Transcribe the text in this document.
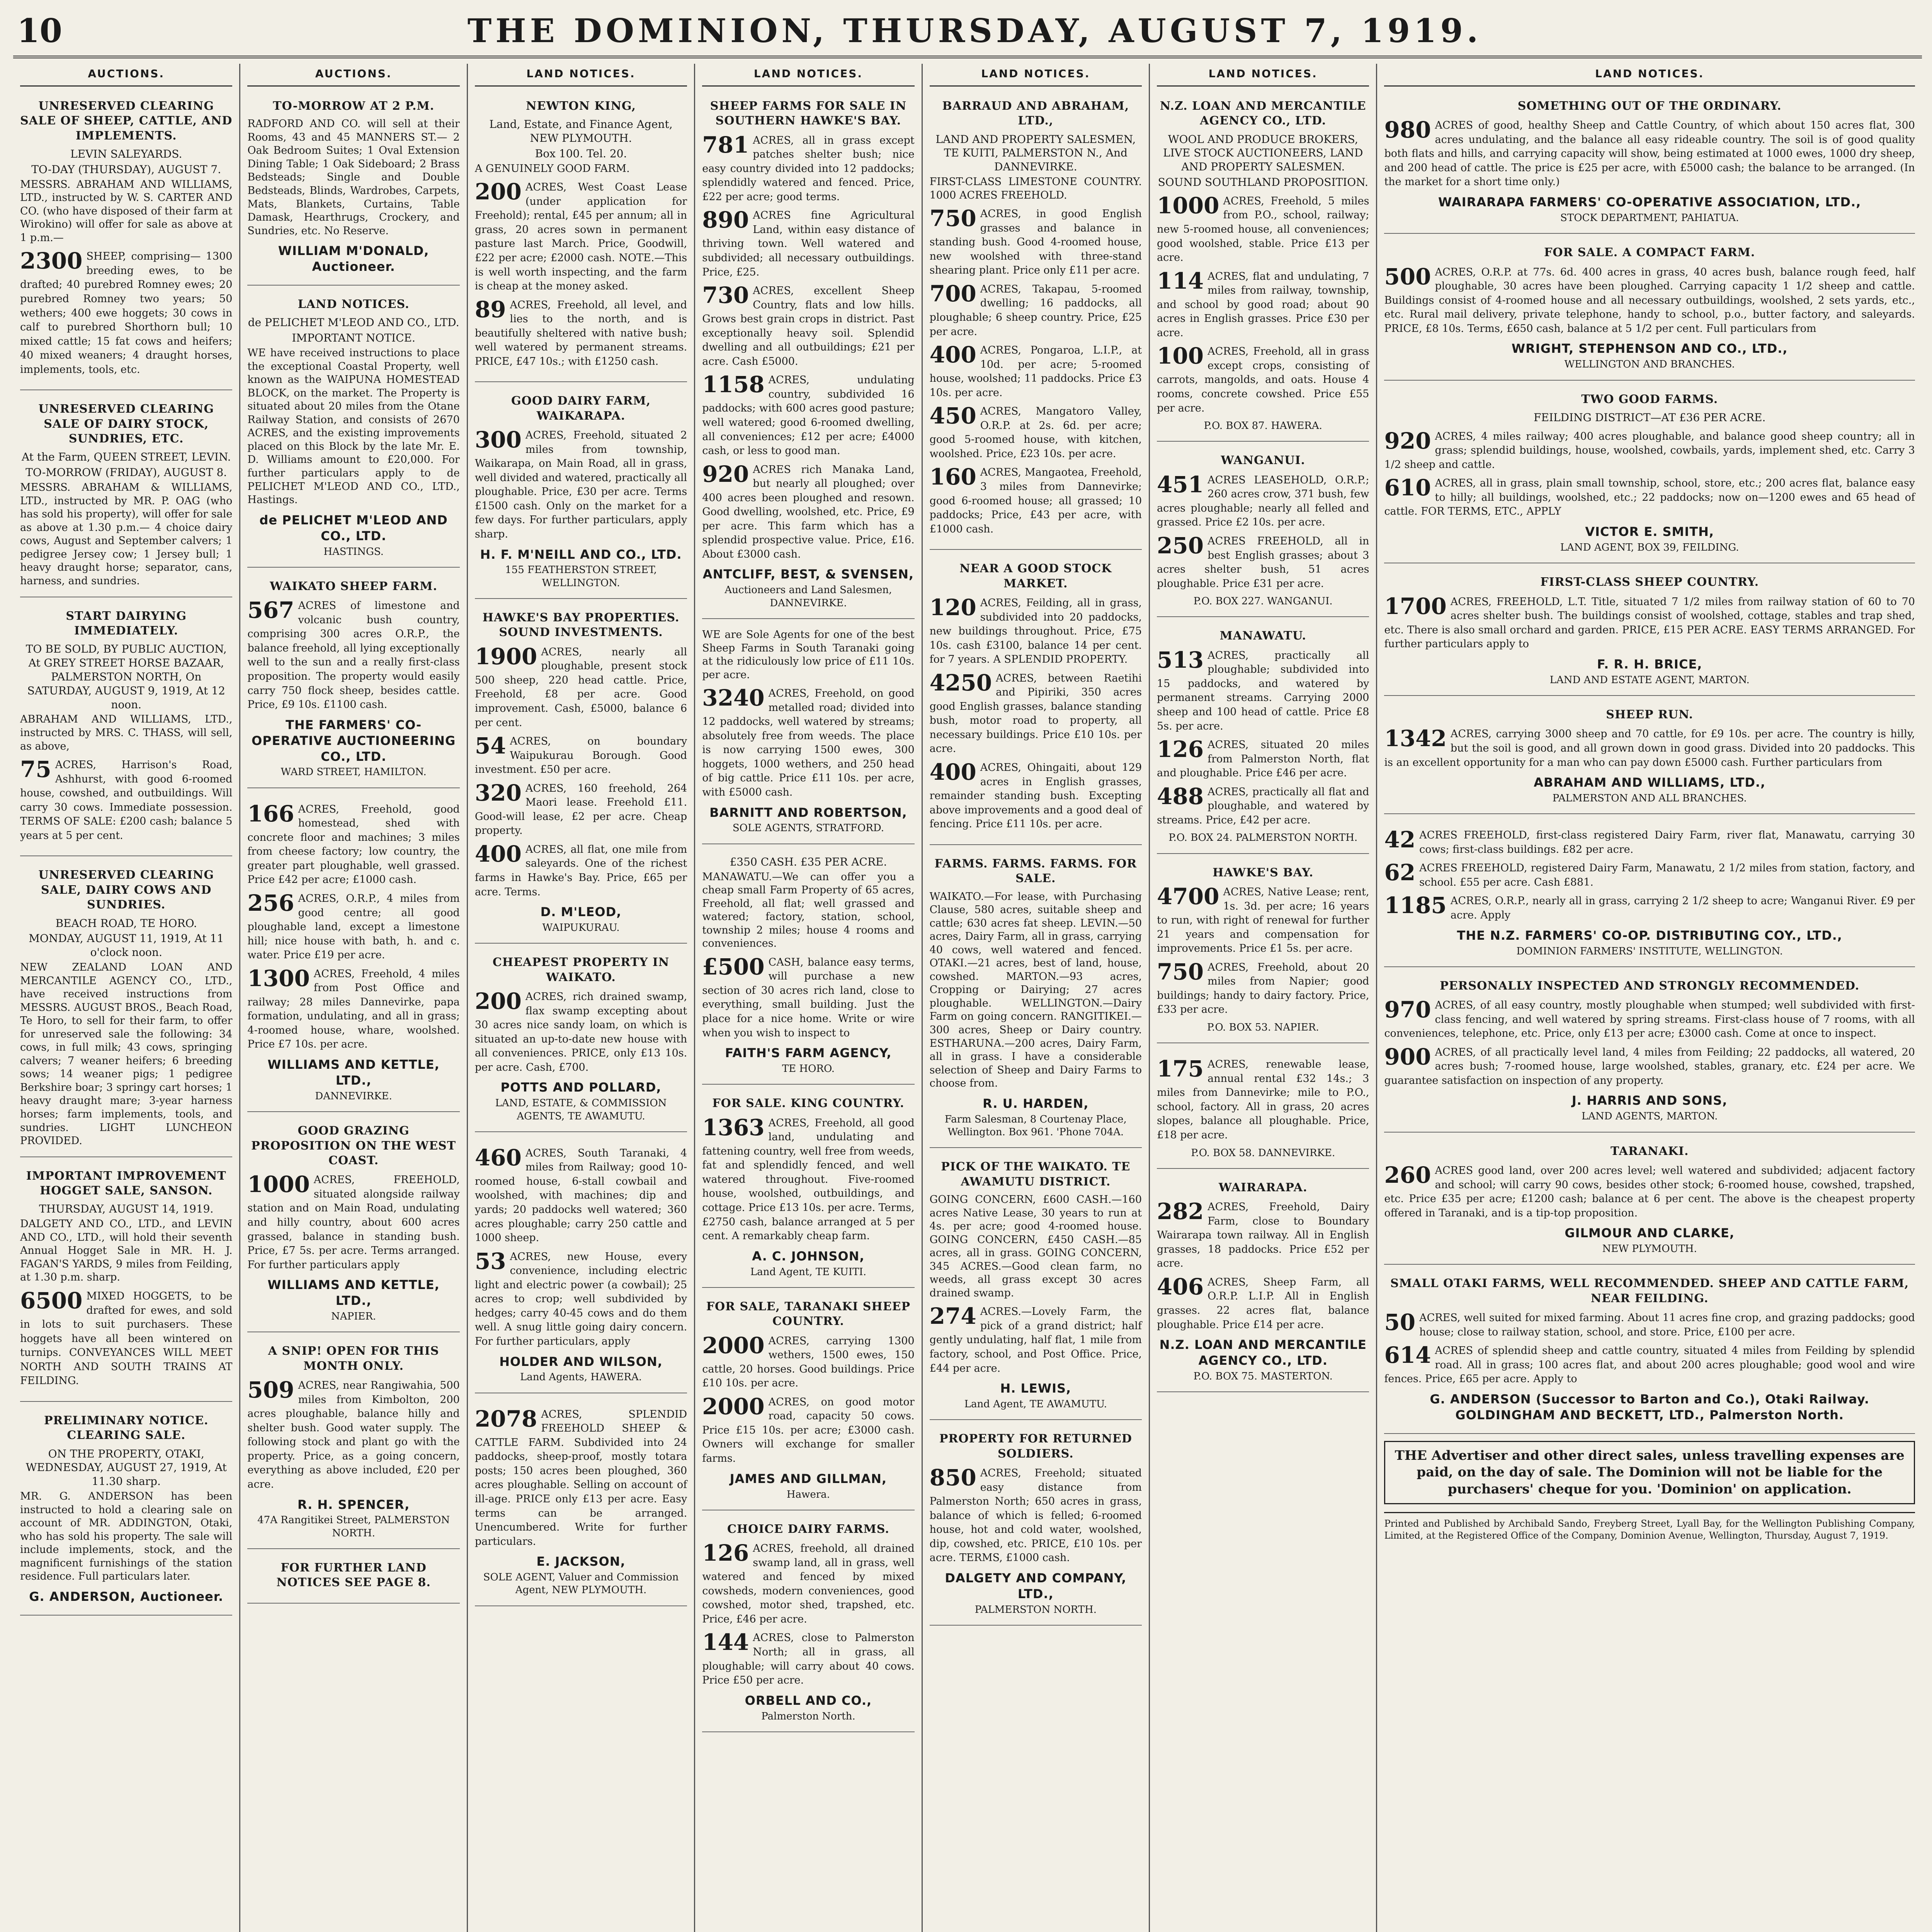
10	THE DOMINION, THURSDAY, AUGUST 7, 1919.
AUCTIONS.
UNRESERVED CLEARING SALE OF SHEEP, CATTLE, AND IMPLEMENTS.
LEVIN SALEYARDS.
TO-DAY (THURSDAY), AUGUST 7.
MESSRS. ABRAHAM AND WILLIAMS, LTD., instructed by W. S. CARTER AND CO. (who have disposed of their farm at Wirokino) will offer for sale as above at 1 p.m.—
2300 SHEEP, comprising— 1300 breeding ewes, to be drafted; 40 purebred Romney ewes; 20 purebred Romney two years; 50 wethers; 400 ewe hoggets; 30 cows in calf to purebred Shorthorn bull; 10 mixed cattle; 15 fat cows and heifers; 40 mixed weaners; 4 draught horses, implements, tools, etc.
UNRESERVED CLEARING SALE OF DAIRY STOCK, SUNDRIES, ETC.
At the Farm, QUEEN STREET, LEVIN.
TO-MORROW (FRIDAY), AUGUST 8.
MESSRS. ABRAHAM & WILLIAMS, LTD., instructed by MR. P. OAG (who has sold his property), will offer for sale as above at 1.30 p.m.— 4 choice dairy cows, August and September calvers; 1 pedigree Jersey cow; 1 Jersey bull; 1 heavy draught horse; separator, cans, harness, and sundries.
START DAIRYING IMMEDIATELY.
TO BE SOLD, BY PUBLIC AUCTION, At GREY STREET HORSE BAZAAR, PALMERSTON NORTH, On SATURDAY, AUGUST 9, 1919, At 12 noon.
ABRAHAM AND WILLIAMS, LTD., instructed by MRS. C. THASS, will sell, as above,
75 ACRES, Harrison's Road, Ashhurst, with good 6-roomed house, cowshed, and outbuildings. Will carry 30 cows. Immediate possession. TERMS OF SALE: £200 cash; balance 5 years at 5 per cent.
UNRESERVED CLEARING SALE, DAIRY COWS AND SUNDRIES.
BEACH ROAD, TE HORO.
MONDAY, AUGUST 11, 1919, At 11 o'clock noon.
NEW ZEALAND LOAN AND MERCANTILE AGENCY CO., LTD., have received instructions from MESSRS. AUGUST BROS., Beach Road, Te Horo, to sell for their farm, to offer for unreserved sale the following: 34 cows, in full milk; 43 cows, springing calvers; 7 weaner heifers; 6 breeding sows; 14 weaner pigs; 1 pedigree Berkshire boar; 3 springy cart horses; 1 heavy draught mare; 3-year harness horses; farm implements, tools, and sundries. LIGHT LUNCHEON PROVIDED.
IMPORTANT IMPROVEMENT HOGGET SALE, SANSON.
THURSDAY, AUGUST 14, 1919.
DALGETY AND CO., LTD., and LEVIN AND CO., LTD., will hold their seventh Annual Hogget Sale in MR. H. J. FAGAN'S YARDS, 9 miles from Feilding, at 1.30 p.m. sharp.
6500 MIXED HOGGETS, to be drafted for ewes, and sold in lots to suit purchasers. These hoggets have all been wintered on turnips. CONVEYANCES WILL MEET NORTH AND SOUTH TRAINS AT FEILDING.
PRELIMINARY NOTICE. CLEARING SALE.
ON THE PROPERTY, OTAKI, WEDNESDAY, AUGUST 27, 1919, At 11.30 sharp.
MR. G. ANDERSON has been instructed to hold a clearing sale on account of MR. ADDINGTON, Otaki, who has sold his property. The sale will include implements, stock, and the magnificent furnishings of the station residence. Full particulars later.
G. ANDERSON, Auctioneer.
AUCTIONS.
TO-MORROW AT 2 P.M.
RADFORD AND CO. will sell at their Rooms, 43 and 45 MANNERS ST.— 2 Oak Bedroom Suites; 1 Oval Extension Dining Table; 1 Oak Sideboard; 2 Brass Bedsteads; Single and Double Bedsteads, Blinds, Wardrobes, Carpets, Mats, Blankets, Curtains, Table Damask, Hearthrugs, Crockery, and Sundries, etc. No Reserve.
WILLIAM M'DONALD, Auctioneer.
LAND NOTICES.
de PELICHET M'LEOD AND CO., LTD.
IMPORTANT NOTICE.
WE have received instructions to place the exceptional Coastal Property, well known as the WAIPUNA HOMESTEAD BLOCK, on the market. The Property is situated about 20 miles from the Otane Railway Station, and consists of 2670 ACRES, and the existing improvements placed on this Block by the late Mr. E. D. Williams amount to £20,000. For further particulars apply to de PELICHET M'LEOD AND CO., LTD., Hastings.
de PELICHET M'LEOD AND CO., LTD.
HASTINGS.
WAIKATO SHEEP FARM.
567 ACRES of limestone and volcanic bush country, comprising 300 acres O.R.P., the balance freehold, all lying exceptionally well to the sun and a really first-class proposition. The property would easily carry 750 flock sheep, besides cattle. Price, £9 10s. £1100 cash.
THE FARMERS' CO-OPERATIVE AUCTIONEERING CO., LTD.
WARD STREET, HAMILTON.
166 ACRES, Freehold, good homestead, shed with concrete floor and machines; 3 miles from cheese factory; low country, the greater part ploughable, well grassed. Price £42 per acre; £1000 cash.
256 ACRES, O.R.P., 4 miles from good centre; all good ploughable land, except a limestone hill; nice house with bath, h. and c. water. Price £19 per acre.
1300 ACRES, Freehold, 4 miles from Post Office and railway; 28 miles Dannevirke, papa formation, undulating, and all in grass; 4-roomed house, whare, woolshed. Price £7 10s. per acre.
WILLIAMS AND KETTLE, LTD.,
DANNEVIRKE.
GOOD GRAZING PROPOSITION ON THE WEST COAST.
1000 ACRES, FREEHOLD, situated alongside railway station and on Main Road, undulating and hilly country, about 600 acres grassed, balance in standing bush. Price, £7 5s. per acre. Terms arranged. For further particulars apply
WILLIAMS AND KETTLE, LTD.,
NAPIER.
A SNIP! OPEN FOR THIS MONTH ONLY.
509 ACRES, near Rangiwahia, 500 miles from Kimbolton, 200 acres ploughable, balance hilly and shelter bush. Good water supply. The following stock and plant go with the property. Price, as a going concern, everything as above included, £20 per acre.
R. H. SPENCER,
47A Rangitikei Street, PALMERSTON NORTH.
FOR FURTHER LAND NOTICES SEE PAGE 8.
LAND NOTICES.
NEWTON KING,
Land, Estate, and Finance Agent, NEW PLYMOUTH.
Box 100. Tel. 20.
A GENUINELY GOOD FARM.
200 ACRES, West Coast Lease (under application for Freehold); rental, £45 per annum; all in grass, 20 acres sown in permanent pasture last March. Price, Goodwill, £22 per acre; £2000 cash. NOTE.—This is well worth inspecting, and the farm is cheap at the money asked.
89 ACRES, Freehold, all level, and lies to the north, and is beautifully sheltered with native bush; well watered by permanent streams. PRICE, £47 10s.; with £1250 cash.
GOOD DAIRY FARM, WAIKARAPA.
300 ACRES, Freehold, situated 2 miles from township, Waikarapa, on Main Road, all in grass, well divided and watered, practically all ploughable. Price, £30 per acre. Terms £1500 cash. Only on the market for a few days. For further particulars, apply sharp.
H. F. M'NEILL AND CO., LTD.
155 FEATHERSTON STREET, WELLINGTON.
HAWKE'S BAY PROPERTIES. SOUND INVESTMENTS.
1900 ACRES, nearly all ploughable, present stock 500 sheep, 220 head cattle. Price, Freehold, £8 per acre. Good improvement. Cash, £5000, balance 6 per cent.
54 ACRES, on boundary Waipukurau Borough. Good investment. £50 per acre.
320 ACRES, 160 freehold, 264 Maori lease. Freehold £11. Good-will lease, £2 per acre. Cheap property.
400 ACRES, all flat, one mile from saleyards. One of the richest farms in Hawke's Bay. Price, £65 per acre. Terms.
D. M'LEOD,
WAIPUKURAU.
CHEAPEST PROPERTY IN WAIKATO.
200 ACRES, rich drained swamp, flax swamp excepting about 30 acres nice sandy loam, on which is situated an up-to-date new house with all conveniences. PRICE, only £13 10s. per acre. Cash, £700.
POTTS AND POLLARD,
LAND, ESTATE, & COMMISSION AGENTS, TE AWAMUTU.
460 ACRES, South Taranaki, 4 miles from Railway; good 10-roomed house, 6-stall cowbail and woolshed, with machines; dip and yards; 20 paddocks well watered; 360 acres ploughable; carry 250 cattle and 1000 sheep.
53 ACRES, new House, every convenience, including electric light and electric power (a cowbail); 25 acres to crop; well subdivided by hedges; carry 40-45 cows and do them well. A snug little going dairy concern. For further particulars, apply
HOLDER AND WILSON,
Land Agents, HAWERA.
2078 ACRES, SPLENDID FREEHOLD SHEEP & CATTLE FARM. Subdivided into 24 paddocks, sheep-proof, mostly totara posts; 150 acres been ploughed, 360 acres ploughable. Selling on account of ill-age. PRICE only £13 per acre. Easy terms can be arranged. Unencumbered. Write for further particulars.
E. JACKSON,
SOLE AGENT, Valuer and Commission Agent, NEW PLYMOUTH.
LAND NOTICES.
SHEEP FARMS FOR SALE IN SOUTHERN HAWKE'S BAY.
781 ACRES, all in grass except patches shelter bush; nice easy country divided into 12 paddocks; splendidly watered and fenced. Price, £22 per acre; good terms.
890 ACRES fine Agricultural Land, within easy distance of thriving town. Well watered and subdivided; all necessary outbuildings. Price, £25.
730 ACRES, excellent Sheep Country, flats and low hills. Grows best grain crops in district. Past exceptionally heavy soil. Splendid dwelling and all outbuildings; £21 per acre. Cash £5000.
1158 ACRES, undulating country, subdivided 16 paddocks; with 600 acres good pasture; well watered; good 6-roomed dwelling, all conveniences; £12 per acre; £4000 cash, or less to good man.
920 ACRES rich Manaka Land, but nearly all ploughed; over 400 acres been ploughed and resown. Good dwelling, woolshed, etc. Price, £9 per acre. This farm which has a splendid prospective value. Price, £16. About £3000 cash.
ANTCLIFF, BEST, & SVENSEN,
Auctioneers and Land Salesmen, DANNEVIRKE.
WE are Sole Agents for one of the best Sheep Farms in South Taranaki going at the ridiculously low price of £11 10s. per acre.
3240 ACRES, Freehold, on good metalled road; divided into 12 paddocks, well watered by streams; absolutely free from weeds. The place is now carrying 1500 ewes, 300 hoggets, 1000 wethers, and 250 head of big cattle. Price £11 10s. per acre, with £5000 cash.
BARNITT AND ROBERTSON,
SOLE AGENTS, STRATFORD.
£350 CASH. £35 PER ACRE.
MANAWATU.—We can offer you a cheap small Farm Property of 65 acres, Freehold, all flat; well grassed and watered; factory, station, school, township 2 miles; house 4 rooms and conveniences.
£500 CASH, balance easy terms, will purchase a new section of 30 acres rich land, close to everything, small building. Just the place for a nice home. Write or wire when you wish to inspect to
FAITH'S FARM AGENCY,
TE HORO.
FOR SALE. KING COUNTRY.
1363 ACRES, Freehold, all good land, undulating and fattening country, well free from weeds, fat and splendidly fenced, and well watered throughout. Five-roomed house, woolshed, outbuildings, and cottage. Price £13 10s. per acre. Terms, £2750 cash, balance arranged at 5 per cent. A remarkably cheap farm.
A. C. JOHNSON,
Land Agent, TE KUITI.
FOR SALE, TARANAKI SHEEP COUNTRY.
2000 ACRES, carrying 1300 wethers, 1500 ewes, 150 cattle, 20 horses. Good buildings. Price £10 10s. per acre.
2000 ACRES, on good motor road, capacity 50 cows. Price £15 10s. per acre; £3000 cash. Owners will exchange for smaller farms.
JAMES AND GILLMAN,
Hawera.
CHOICE DAIRY FARMS.
126 ACRES, freehold, all drained swamp land, all in grass, well watered and fenced by mixed cowsheds, modern conveniences, good cowshed, motor shed, trapshed, etc. Price, £46 per acre.
144 ACRES, close to Palmerston North; all in grass, all ploughable; will carry about 40 cows. Price £50 per acre.
ORBELL AND CO.,
Palmerston North.
LAND NOTICES.
BARRAUD AND ABRAHAM, LTD.,
LAND AND PROPERTY SALESMEN, TE KUITI, PALMERSTON N., And DANNEVIRKE.
FIRST-CLASS LIMESTONE COUNTRY. 1000 ACRES FREEHOLD.
750 ACRES, in good English grasses and balance in standing bush. Good 4-roomed house, new woolshed with three-stand shearing plant. Price only £11 per acre.
700 ACRES, Takapau, 5-roomed dwelling; 16 paddocks, all ploughable; 6 sheep country. Price, £25 per acre.
400 ACRES, Pongaroa, L.I.P., at 10d. per acre; 5-roomed house, woolshed; 11 paddocks. Price £3 10s. per acre.
450 ACRES, Mangatoro Valley, O.R.P. at 2s. 6d. per acre; good 5-roomed house, with kitchen, woolshed. Price, £23 10s. per acre.
160 ACRES, Mangaotea, Freehold, 3 miles from Dannevirke; good 6-roomed house; all grassed; 10 paddocks; Price, £43 per acre, with £1000 cash.
NEAR A GOOD STOCK MARKET.
120 ACRES, Feilding, all in grass, subdivided into 20 paddocks, new buildings throughout. Price, £75 10s. cash £3100, balance 14 per cent. for 7 years. A SPLENDID PROPERTY.
4250 ACRES, between Raetihi and Pipiriki, 350 acres good English grasses, balance standing bush, motor road to property, all necessary buildings. Price £10 10s. per acre.
400 ACRES, Ohingaiti, about 129 acres in English grasses, remainder standing bush. Excepting above improvements and a good deal of fencing. Price £11 10s. per acre.
FARMS. FARMS. FARMS. FOR SALE.
WAIKATO.—For lease, with Purchasing Clause, 580 acres, suitable sheep and cattle; 630 acres fat sheep. LEVIN.—50 acres, Dairy Farm, all in grass, carrying 40 cows, well watered and fenced. OTAKI.—21 acres, best of land, house, cowshed. MARTON.—93 acres, Cropping or Dairying; 27 acres ploughable. WELLINGTON.—Dairy Farm on going concern. RANGITIKEI.—300 acres, Sheep or Dairy country. ESTHARUNA.—200 acres, Dairy Farm, all in grass. I have a considerable selection of Sheep and Dairy Farms to choose from.
R. U. HARDEN,
Farm Salesman, 8 Courtenay Place, Wellington. Box 961. 'Phone 704A.
PICK OF THE WAIKATO. TE AWAMUTU DISTRICT.
GOING CONCERN, £600 CASH.—160 acres Native Lease, 30 years to run at 4s. per acre; good 4-roomed house. GOING CONCERN, £450 CASH.—85 acres, all in grass. GOING CONCERN, 345 ACRES.—Good clean farm, no weeds, all grass except 30 acres drained swamp.
274 ACRES.—Lovely Farm, the pick of a grand district; half gently undulating, half flat, 1 mile from factory, school, and Post Office. Price, £44 per acre.
H. LEWIS,
Land Agent, TE AWAMUTU.
PROPERTY FOR RETURNED SOLDIERS.
850 ACRES, Freehold; situated easy distance from Palmerston North; 650 acres in grass, balance of which is felled; 6-roomed house, hot and cold water, woolshed, dip, cowshed, etc. PRICE, £10 10s. per acre. TERMS, £1000 cash.
DALGETY AND COMPANY, LTD.,
PALMERSTON NORTH.
LAND NOTICES.
N.Z. LOAN AND MERCANTILE AGENCY CO., LTD.
WOOL AND PRODUCE BROKERS, LIVE STOCK AUCTIONEERS, LAND AND PROPERTY SALESMEN.
SOUND SOUTHLAND PROPOSITION.
1000 ACRES, Freehold, 5 miles from P.O., school, railway; new 5-roomed house, all conveniences; good woolshed, stable. Price £13 per acre.
114 ACRES, flat and undulating, 7 miles from railway, township, and school by good road; about 90 acres in English grasses. Price £30 per acre.
100 ACRES, Freehold, all in grass except crops, consisting of carrots, mangolds, and oats. House 4 rooms, concrete cowshed. Price £55 per acre.
P.O. BOX 87. HAWERA.
WANGANUI.
451 ACRES LEASEHOLD, O.R.P.; 260 acres crow, 371 bush, few acres ploughable; nearly all felled and grassed. Price £2 10s. per acre.
250 ACRES FREEHOLD, all in best English grasses; about 3 acres shelter bush, 51 acres ploughable. Price £31 per acre.
P.O. BOX 227. WANGANUI.
MANAWATU.
513 ACRES, practically all ploughable; subdivided into 15 paddocks, and watered by permanent streams. Carrying 2000 sheep and 100 head of cattle. Price £8 5s. per acre.
126 ACRES, situated 20 miles from Palmerston North, flat and ploughable. Price £46 per acre.
488 ACRES, practically all flat and ploughable, and watered by streams. Price, £42 per acre.
P.O. BOX 24. PALMERSTON NORTH.
HAWKE'S BAY.
4700 ACRES, Native Lease; rent, 1s. 3d. per acre; 16 years to run, with right of renewal for further 21 years and compensation for improvements. Price £1 5s. per acre.
750 ACRES, Freehold, about 20 miles from Napier; good buildings; handy to dairy factory. Price, £33 per acre.
P.O. BOX 53. NAPIER.
175 ACRES, renewable lease, annual rental £32 14s.; 3 miles from Dannevirke; mile to P.O., school, factory. All in grass, 20 acres slopes, balance all ploughable. Price, £18 per acre.
P.O. BOX 58. DANNEVIRKE.
WAIRARAPA.
282 ACRES, Freehold, Dairy Farm, close to Boundary Wairarapa town railway. All in English grasses, 18 paddocks. Price £52 per acre.
406 ACRES, Sheep Farm, all O.R.P. L.I.P. All in English grasses. 22 acres flat, balance ploughable. Price £14 per acre.
N.Z. LOAN AND MERCANTILE AGENCY CO., LTD.
P.O. BOX 75. MASTERTON.
LAND NOTICES.
SOMETHING OUT OF THE ORDINARY.
980 ACRES of good, healthy Sheep and Cattle Country, of which about 150 acres flat, 300 acres undulating, and the balance all easy rideable country. The soil is of good quality both flats and hills, and carrying capacity will show, being estimated at 1000 ewes, 1000 dry sheep, and 200 head of cattle. The price is £25 per acre, with £5000 cash; the balance to be arranged. (In the market for a short time only.)
WAIRARAPA FARMERS' CO-OPERATIVE ASSOCIATION, LTD.,
STOCK DEPARTMENT, PAHIATUA.
FOR SALE. A COMPACT FARM.
500 ACRES, O.R.P. at 77s. 6d. 400 acres in grass, 40 acres bush, balance rough feed, half ploughable, 30 acres have been ploughed. Carrying capacity 1 1/2 sheep and cattle. Buildings consist of 4-roomed house and all necessary outbuildings, woolshed, 2 sets yards, etc., etc. Rural mail delivery, private telephone, handy to school, p.o., butter factory, and saleyards. PRICE, £8 10s. Terms, £650 cash, balance at 5 1/2 per cent. Full particulars from
WRIGHT, STEPHENSON AND CO., LTD.,
WELLINGTON AND BRANCHES.
TWO GOOD FARMS.
FEILDING DISTRICT—AT £36 PER ACRE.
920 ACRES, 4 miles railway; 400 acres ploughable, and balance good sheep country; all in grass; splendid buildings, house, woolshed, cowbails, yards, implement shed, etc. Carry 3 1/2 sheep and cattle.
610 ACRES, all in grass, plain small township, school, store, etc.; 200 acres flat, balance easy to hilly; all buildings, woolshed, etc.; 22 paddocks; now on—1200 ewes and 65 head of cattle. FOR TERMS, ETC., APPLY
VICTOR E. SMITH,
LAND AGENT, BOX 39, FEILDING.
FIRST-CLASS SHEEP COUNTRY.
1700 ACRES, FREEHOLD, L.T. Title, situated 7 1/2 miles from railway station of 60 to 70 acres shelter bush. The buildings consist of woolshed, cottage, stables and trap shed, etc. There is also small orchard and garden. PRICE, £15 PER ACRE. EASY TERMS ARRANGED. For further particulars apply to
F. R. H. BRICE,
LAND AND ESTATE AGENT, MARTON.
SHEEP RUN.
1342 ACRES, carrying 3000 sheep and 70 cattle, for £9 10s. per acre. The country is hilly, but the soil is good, and all grown down in good grass. Divided into 20 paddocks. This is an excellent opportunity for a man who can pay down £5000 cash. Further particulars from
ABRAHAM AND WILLIAMS, LTD.,
PALMERSTON AND ALL BRANCHES.
42 ACRES FREEHOLD, first-class registered Dairy Farm, river flat, Manawatu, carrying 30 cows; first-class buildings. £82 per acre.
62 ACRES FREEHOLD, registered Dairy Farm, Manawatu, 2 1/2 miles from station, factory, and school. £55 per acre. Cash £881.
1185 ACRES, O.R.P., nearly all in grass, carrying 2 1/2 sheep to acre; Wanganui River. £9 per acre. Apply
THE N.Z. FARMERS' CO-OP. DISTRIBUTING COY., LTD.,
DOMINION FARMERS' INSTITUTE, WELLINGTON.
PERSONALLY INSPECTED AND STRONGLY RECOMMENDED.
970 ACRES, of all easy country, mostly ploughable when stumped; well subdivided with first-class fencing, and well watered by spring streams. First-class house of 7 rooms, with all conveniences, telephone, etc. Price, only £13 per acre; £3000 cash. Come at once to inspect.
900 ACRES, of all practically level land, 4 miles from Feilding; 22 paddocks, all watered, 20 acres bush; 7-roomed house, large woolshed, stables, granary, etc. £24 per acre. We guarantee satisfaction on inspection of any property.
J. HARRIS AND SONS,
LAND AGENTS, MARTON.
TARANAKI.
260 ACRES good land, over 200 acres level; well watered and subdivided; adjacent factory and school; will carry 90 cows, besides other stock; 6-roomed house, cowshed, trapshed, etc. Price £35 per acre; £1200 cash; balance at 6 per cent. The above is the cheapest property offered in Taranaki, and is a tip-top proposition.
GILMOUR AND CLARKE,
NEW PLYMOUTH.
SMALL OTAKI FARMS, WELL RECOMMENDED. SHEEP AND CATTLE FARM, NEAR FEILDING.
50 ACRES, well suited for mixed farming. About 11 acres fine crop, and grazing paddocks; good house; close to railway station, school, and store. Price, £100 per acre.
614 ACRES of splendid sheep and cattle country, situated 4 miles from Feilding by splendid road. All in grass; 100 acres flat, and about 200 acres ploughable; good wool and wire fences. Price, £65 per acre. Apply to
G. ANDERSON (Successor to Barton and Co.), Otaki Railway. GOLDINGHAM AND BECKETT, LTD., Palmerston North.
THE Advertiser and other direct sales, unless travelling expenses are paid, on the day of sale. The Dominion will not be liable for the purchasers' cheque for you. 'Dominion' on application.
Printed and Published by Archibald Sando, Freyberg Street, Lyall Bay, for the Wellington Publishing Company, Limited, at the Registered Office of the Company, Dominion Avenue, Wellington, Thursday, August 7, 1919.
